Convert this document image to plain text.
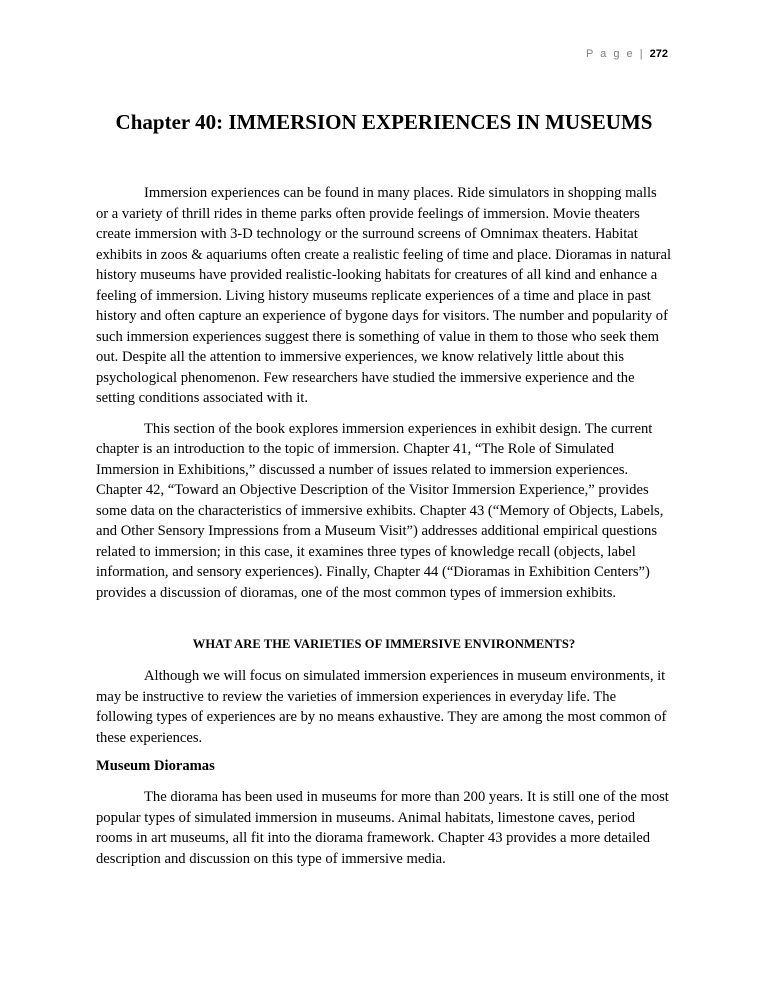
P a g e | 272
Chapter 40: IMMERSION EXPERIENCES IN MUSEUMS

Immersion experiences can be found in many places. Ride simulators in shopping malls or a variety of thrill rides in theme parks often provide feelings of immersion. Movie theaters create immersion with 3-D technology or the surround screens of Omnimax theaters. Habitat exhibits in zoos & aquariums often create a realistic feeling of time and place. Dioramas in natural history museums have provided realistic-looking habitats for creatures of all kind and enhance a feeling of immersion. Living history museums replicate experiences of a time and place in past history and often capture an experience of bygone days for visitors. The number and popularity of such immersion experiences suggest there is something of value in them to those who seek them out. Despite all the attention to immersive experiences, we know relatively little about this psychological phenomenon. Few researchers have studied the immersive experience and the setting conditions associated with it.

This section of the book explores immersion experiences in exhibit design. The current chapter is an introduction to the topic of immersion. Chapter 41, “The Role of Simulated Immersion in Exhibitions,” discussed a number of issues related to immersion experiences. Chapter 42, “Toward an Objective Description of the Visitor Immersion Experience,” provides some data on the characteristics of immersive exhibits. Chapter 43 (“Memory of Objects, Labels, and Other Sensory Impressions from a Museum Visit”) addresses additional empirical questions related to immersion; in this case, it examines three types of knowledge recall (objects, label information, and sensory experiences). Finally, Chapter 44 (“Dioramas in Exhibition Centers”) provides a discussion of dioramas, one of the most common types of immersion exhibits.

WHAT ARE THE VARIETIES OF IMMERSIVE ENVIRONMENTS?

Although we will focus on simulated immersion experiences in museum environments, it may be instructive to review the varieties of immersion experiences in everyday life. The following types of experiences are by no means exhaustive. They are among the most common of these experiences.

Museum Dioramas

The diorama has been used in museums for more than 200 years. It is still one of the most popular types of simulated immersion in museums. Animal habitats, limestone caves, period rooms in art museums, all fit into the diorama framework. Chapter 43 provides a more detailed description and discussion on this type of immersive media.
